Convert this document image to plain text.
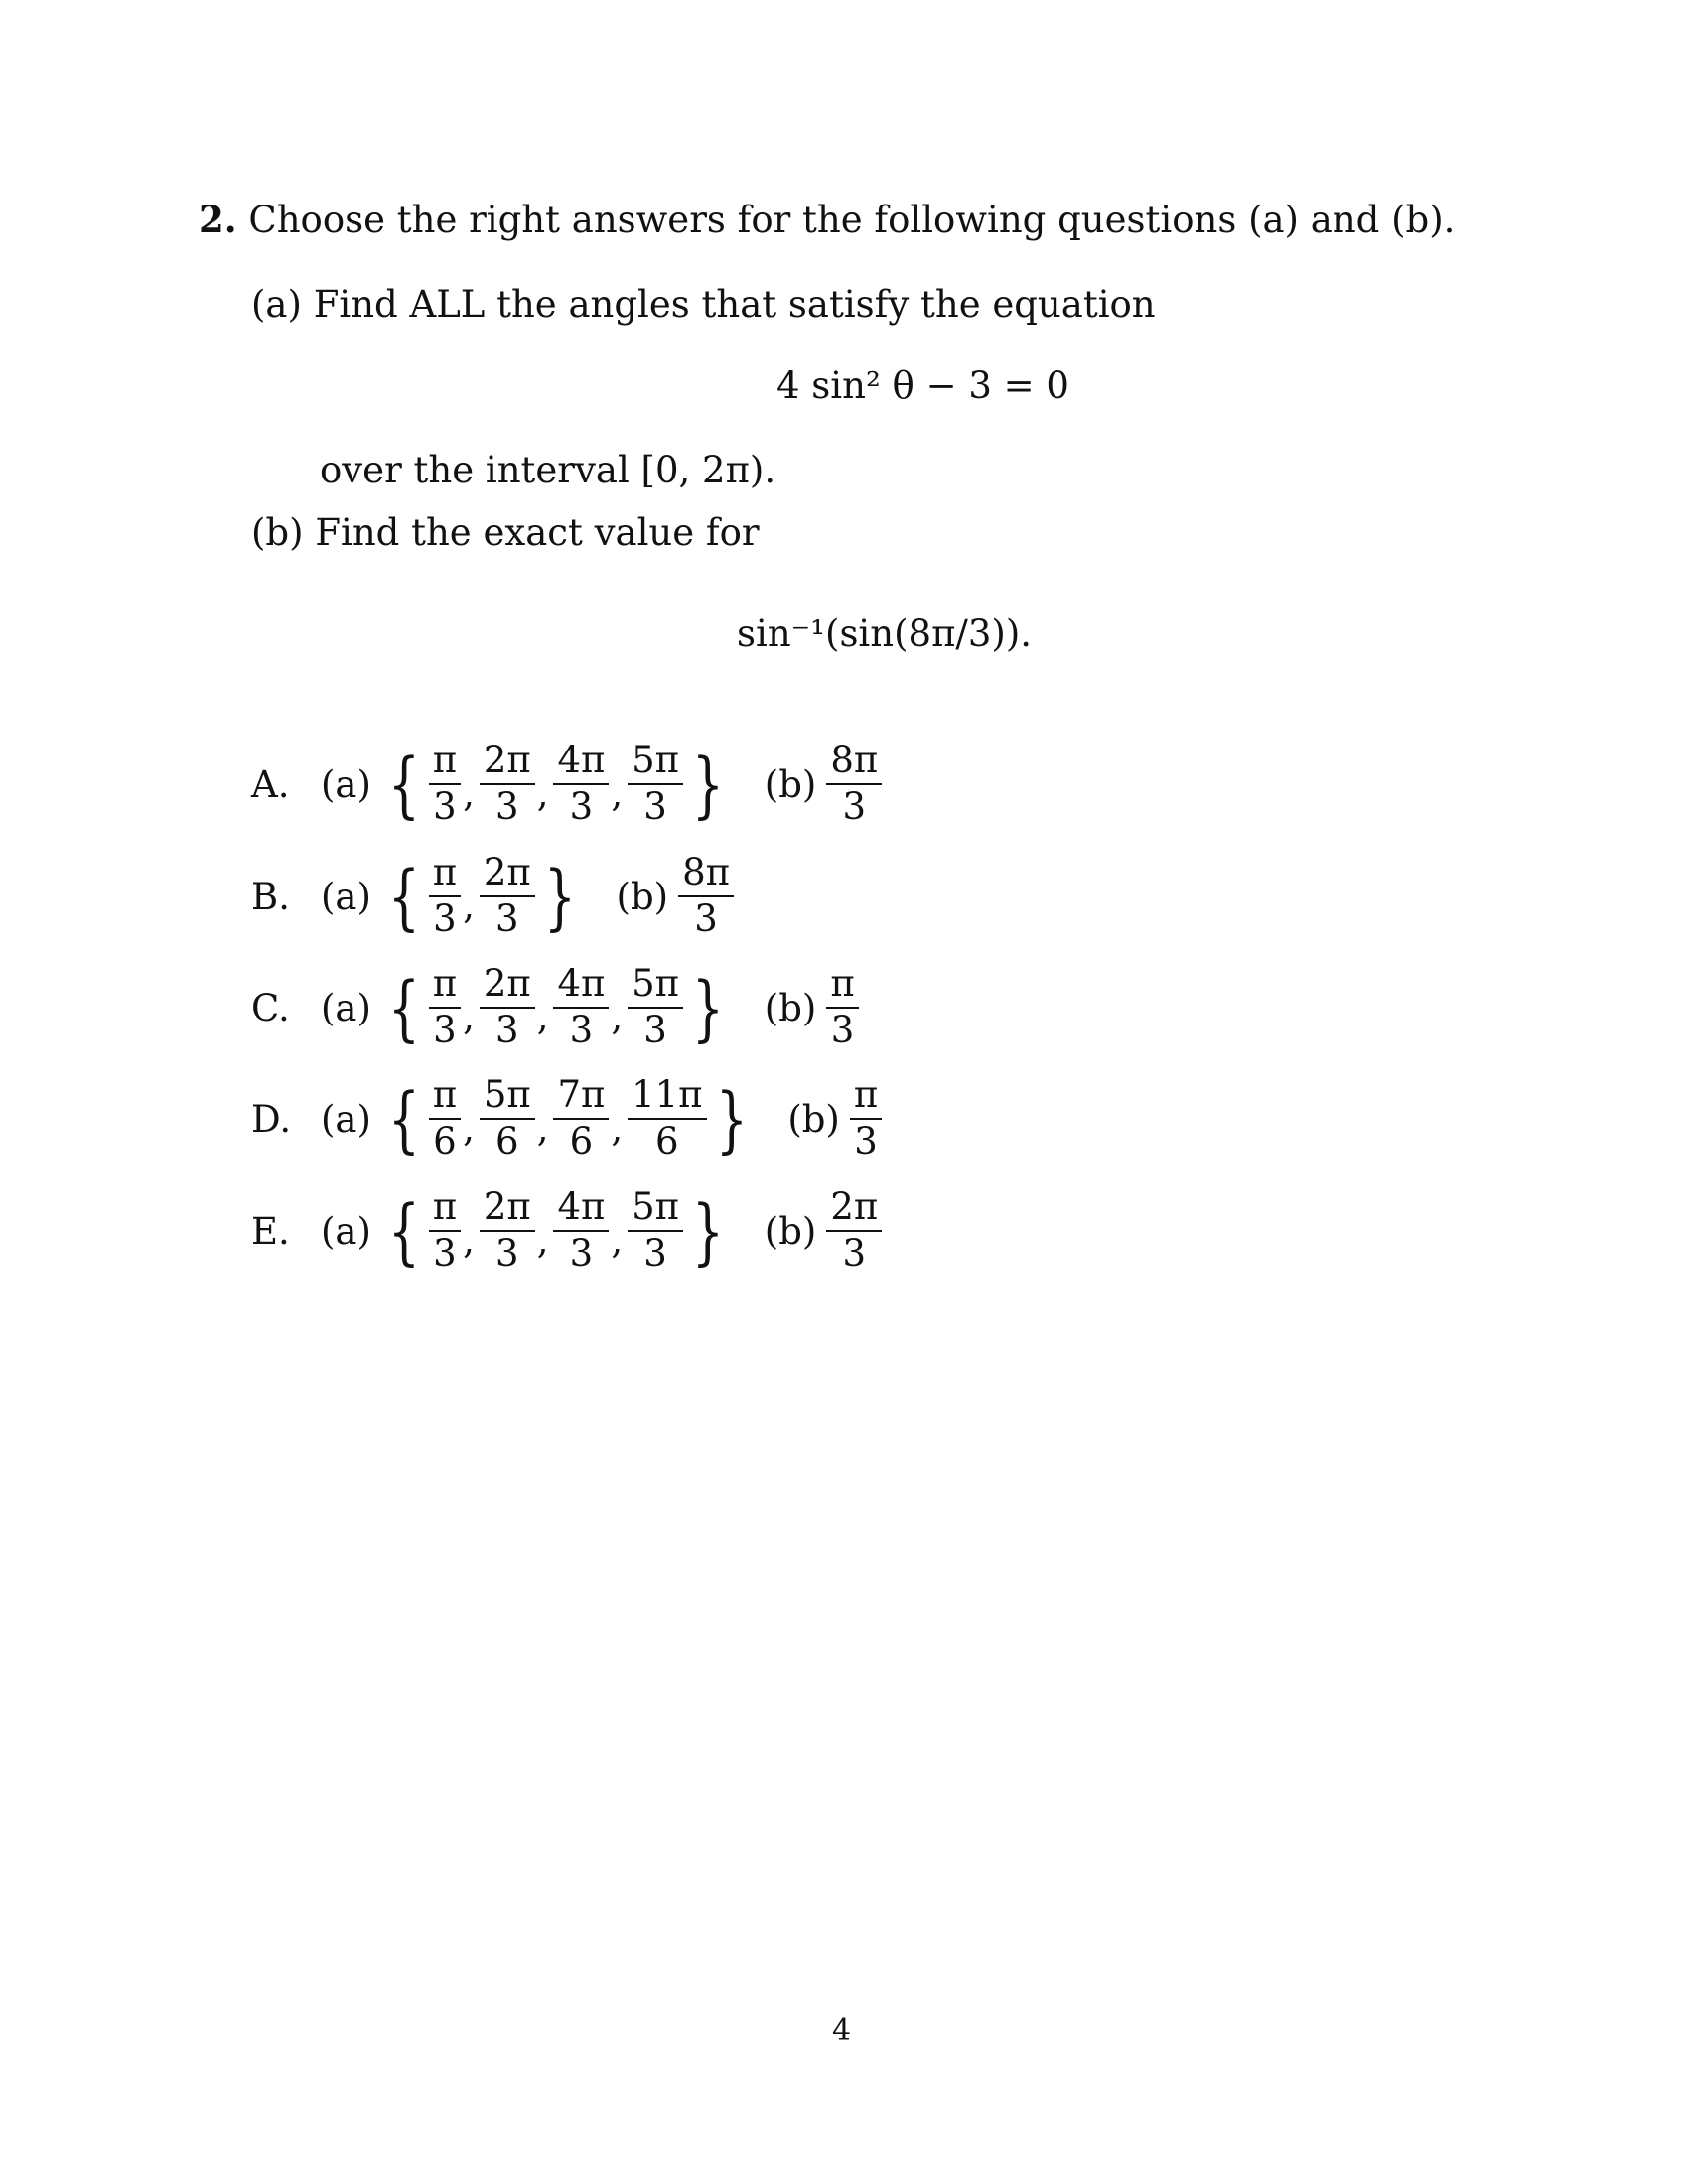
2. Choose the right answers for the following questions (a) and (b).
(a) Find ALL the angles that satisfy the equation
4 sin² θ − 3 = 0
over the interval [0, 2π).
(b) Find the exact value for
sin⁻¹(sin(8π/3)).
A. (a) { $\frac{\pi}{3}$ , $\frac{2\pi}{3}$ , $\frac{4\pi}{3}$ , $\frac{5\pi}{3}$ } $(b) \frac{8\pi}{3}$
B. (a) { $\frac{\pi}{3}$ , $\frac{2\pi}{3}$ } $(b) \frac{8\pi}{3}$
C. (a) { $\frac{\pi}{3}$ , $\frac{2\pi}{3}$ , $\frac{4\pi}{3}$ , $\frac{5\pi}{3}$ } $(b) \frac{\pi}{3}$
D. (a) { $\frac{\pi}{6}$ , $\frac{5\pi}{6}$ , $\frac{7\pi}{6}$ , $\frac{11\pi}{6}$ } $(b) \frac{\pi}{3}$
E. (a) { $\frac{\pi}{3}$ , $\frac{2\pi}{3}$ , $\frac{4\pi}{3}$ , $\frac{5\pi}{3}$ } $(b) \frac{2\pi}{3}$
4
